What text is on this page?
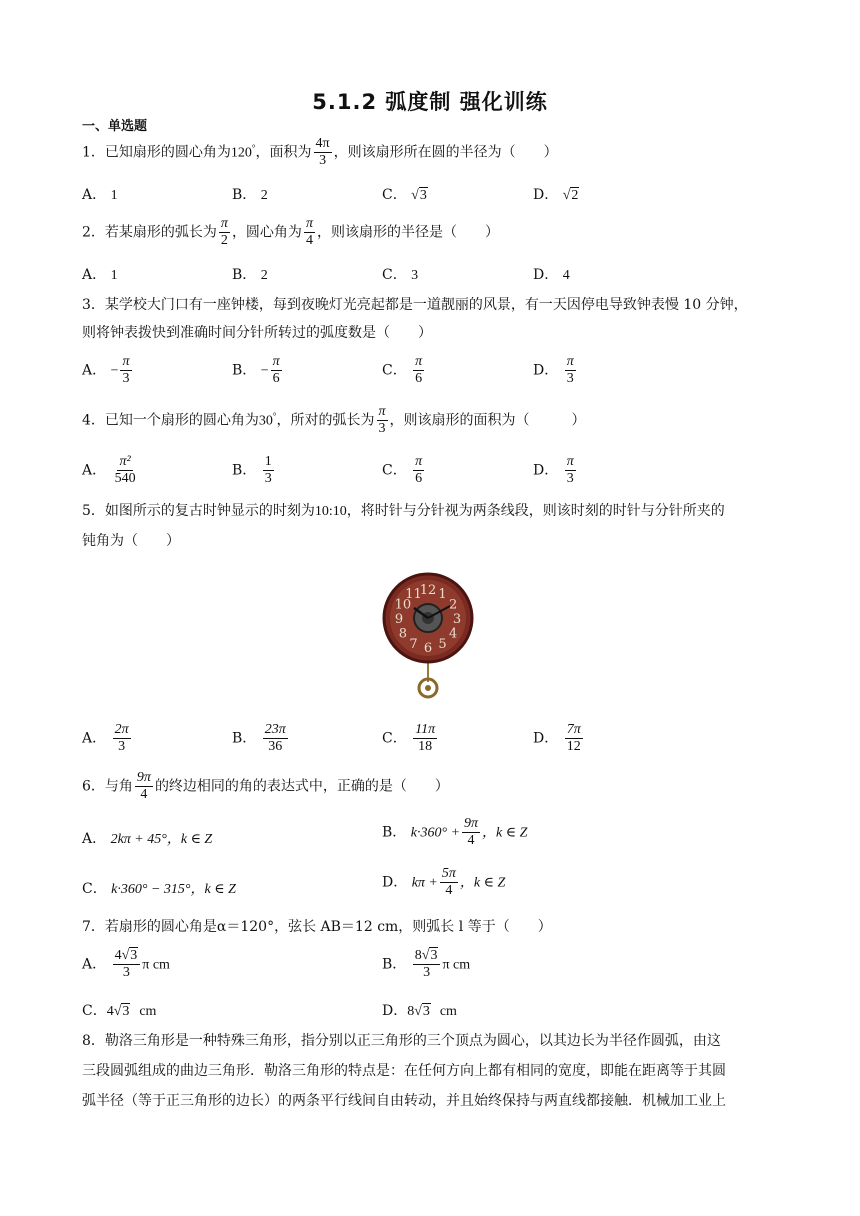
5.1.2 弧度制 强化训练
一、单选题
1．已知扇形的圆心角为120°，面积为 $\frac{4\pi}{3}$ ，则该扇形所在圆的半径为（　　）
A． 1	B． 2	C． √3	D． √2
2．若某扇形的弧长为 $\frac{\pi}{2}$ ，圆心角为 $\frac{\pi}{4}$ ，则该扇形的半径是（　　）
A． 1	B． 2	C． 3	D． 4
3．某学校大门口有一座钟楼，每到夜晚灯光亮起都是一道靓丽的风景，有一天因停电导致钟表慢 10 分钟，
则将钟表拨快到准确时间分针所转过的弧度数是（　　）
A． − $\frac{\pi}{3}$	B． − $\frac{\pi}{6}$	C． $\frac{\pi}{6}$	D． $\frac{\pi}{3}$
4．已知一个扇形的圆心角为30°，所对的弧长为 $\frac{\pi}{3}$ ，则该扇形的面积为（　　　）
A． $\frac{\text{π²}}{540}$	B． $\frac{1}{3}$	C． $\frac{\pi}{6}$	D． $\frac{\pi}{3}$
5．如图所示的复古时钟显示的时刻为10:10，将时针与分针视为两条线段，则该时刻的时针与分针所夹的
钝角为（　　）
12 1
2
3
4
5
6
7
8
9
10
11
A． $\frac{2\pi}{3}$	B． $\frac{23\pi}{36}$	C． $\frac{11\pi}{18}$	D． $\frac{7\pi}{12}$
6．与角 $\frac{9\pi}{4}$ 的终边相同的角的表达式中，正确的是（　　）
A． 2kπ + 45°，k ∈ Z	B． $k\cdot 360^\circ + \frac{9\pi}{4}$ ，k ∈ Z
C． k·360° − 315°，k ∈ Z	D． $k\pi + \frac{5\pi}{4}$ ，k ∈ Z
7．若扇形的圆心角是α＝120°，弦长 AB＝12 cm，则弧长 l 等于（　　）
A． $\frac{4√3}{3}$ π cm	B． $\frac{8√3}{3}$ π cm
C．4√3 cm	D．8√3 cm
8．勒洛三角形是一种特殊三角形，指分别以正三角形的三个顶点为圆心，以其边长为半径作圆弧，由这
三段圆弧组成的曲边三角形．勒洛三角形的特点是：在任何方向上都有相同的宽度，即能在距离等于其圆
弧半径（等于正三角形的边长）的两条平行线间自由转动，并且始终保持与两直线都接触．机械加工业上
